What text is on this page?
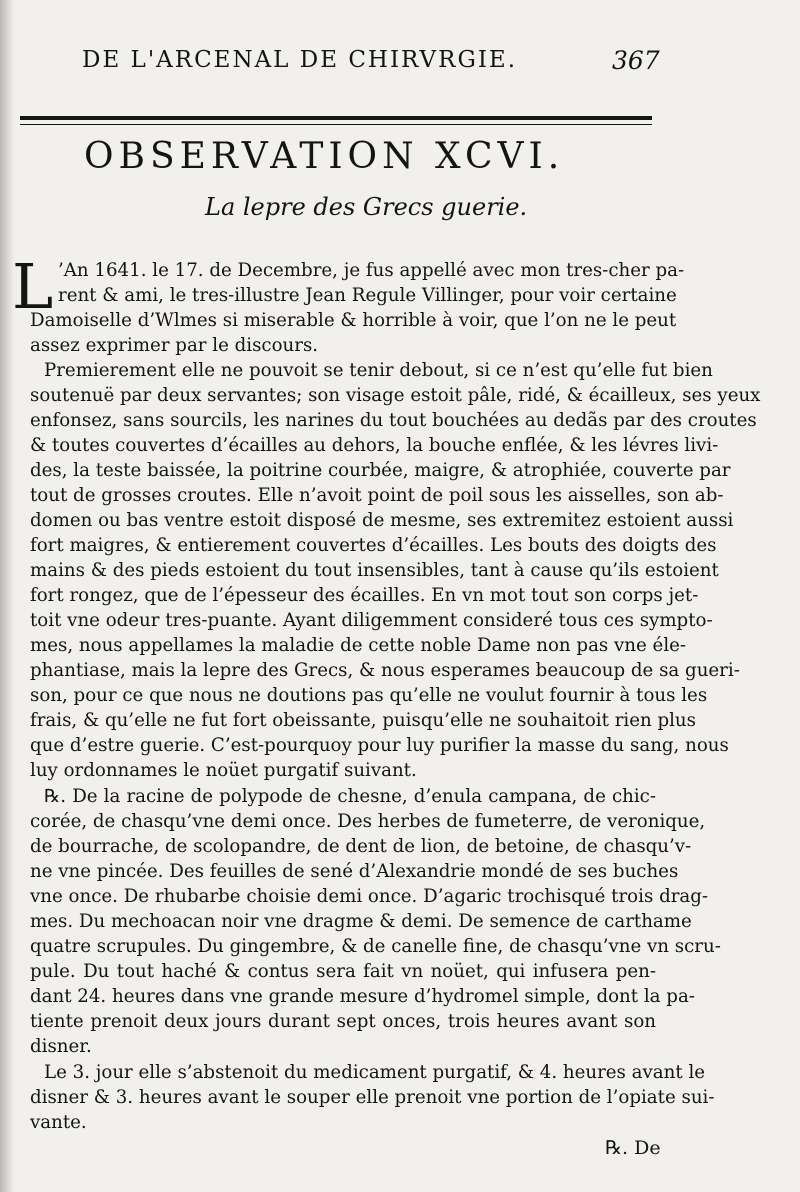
DE L'ARCENAL DE CHIRVRGIE.	367
OBSERVATION XCVI.
La lepre des Grecs guerie.
L ’An 1641. le 17. de Decembre, je fus appellé avec mon tres-cher pa-
rent & ami, le tres-illustre Jean Regule Villinger, pour voir certaine
Damoiselle d’Wlmes si miserable & horrible à voir, que l’on ne le peut
assez exprimer par le discours.
Premierement elle ne pouvoit se tenir debout, si ce n’est qu’elle fut bien
soutenuë par deux servantes; son visage estoit pâle, ridé, & écailleux, ses yeux
enfonsez, sans sourcils, les narines du tout bouchées au dedãs par des croutes
& toutes couvertes d’écailles au dehors, la bouche enflée, & les lévres livi-
des, la teste baissée, la poitrine courbée, maigre, & atrophiée, couverte par
tout de grosses croutes. Elle n’avoit point de poil sous les aisselles, son ab-
domen ou bas ventre estoit disposé de mesme, ses extremitez estoient aussi
fort maigres, & entierement couvertes d’écailles. Les bouts des doigts des
mains & des pieds estoient du tout insensibles, tant à cause qu’ils estoient
fort rongez, que de l’épesseur des écailles. En vn mot tout son corps jet-
toit vne odeur tres-puante. Ayant diligemment consideré tous ces sympto-
mes, nous appellames la maladie de cette noble Dame non pas vne éle-
phantiase, mais la lepre des Grecs, & nous esperames beaucoup de sa gueri-
son, pour ce que nous ne doutions pas qu’elle ne voulut fournir à tous les
frais, & qu’elle ne fut fort obeissante, puisqu’elle ne souhaitoit rien plus
que d’estre guerie. C’est-pourquoy pour luy purifier la masse du sang, nous
luy ordonnames le noüet purgatif suivant.
℞. De la racine de polypode de chesne, d’enula campana, de chic-
corée, de chasqu’vne demi once. Des herbes de fumeterre, de veronique,
de bourrache, de scolopandre, de dent de lion, de betoine, de chasqu’v-
ne vne pincée. Des feuilles de sené d’Alexandrie mondé de ses buches
vne once. De rhubarbe choisie demi once. D’agaric trochisqué trois drag-
mes. Du mechoacan noir vne dragme & demi. De semence de carthame
quatre scrupules. Du gingembre, & de canelle fine, de chasqu’vne vn scru-
pule. Du tout haché & contus sera fait vn noüet, qui infusera pen-
dant 24. heures dans vne grande mesure d’hydromel simple, dont la pa-
tiente prenoit deux jours durant sept onces, trois heures avant son
disner.
Le 3. jour elle s’abstenoit du medicament purgatif, & 4. heures avant le
disner & 3. heures avant le souper elle prenoit vne portion de l’opiate sui-
vante.
℞. De
